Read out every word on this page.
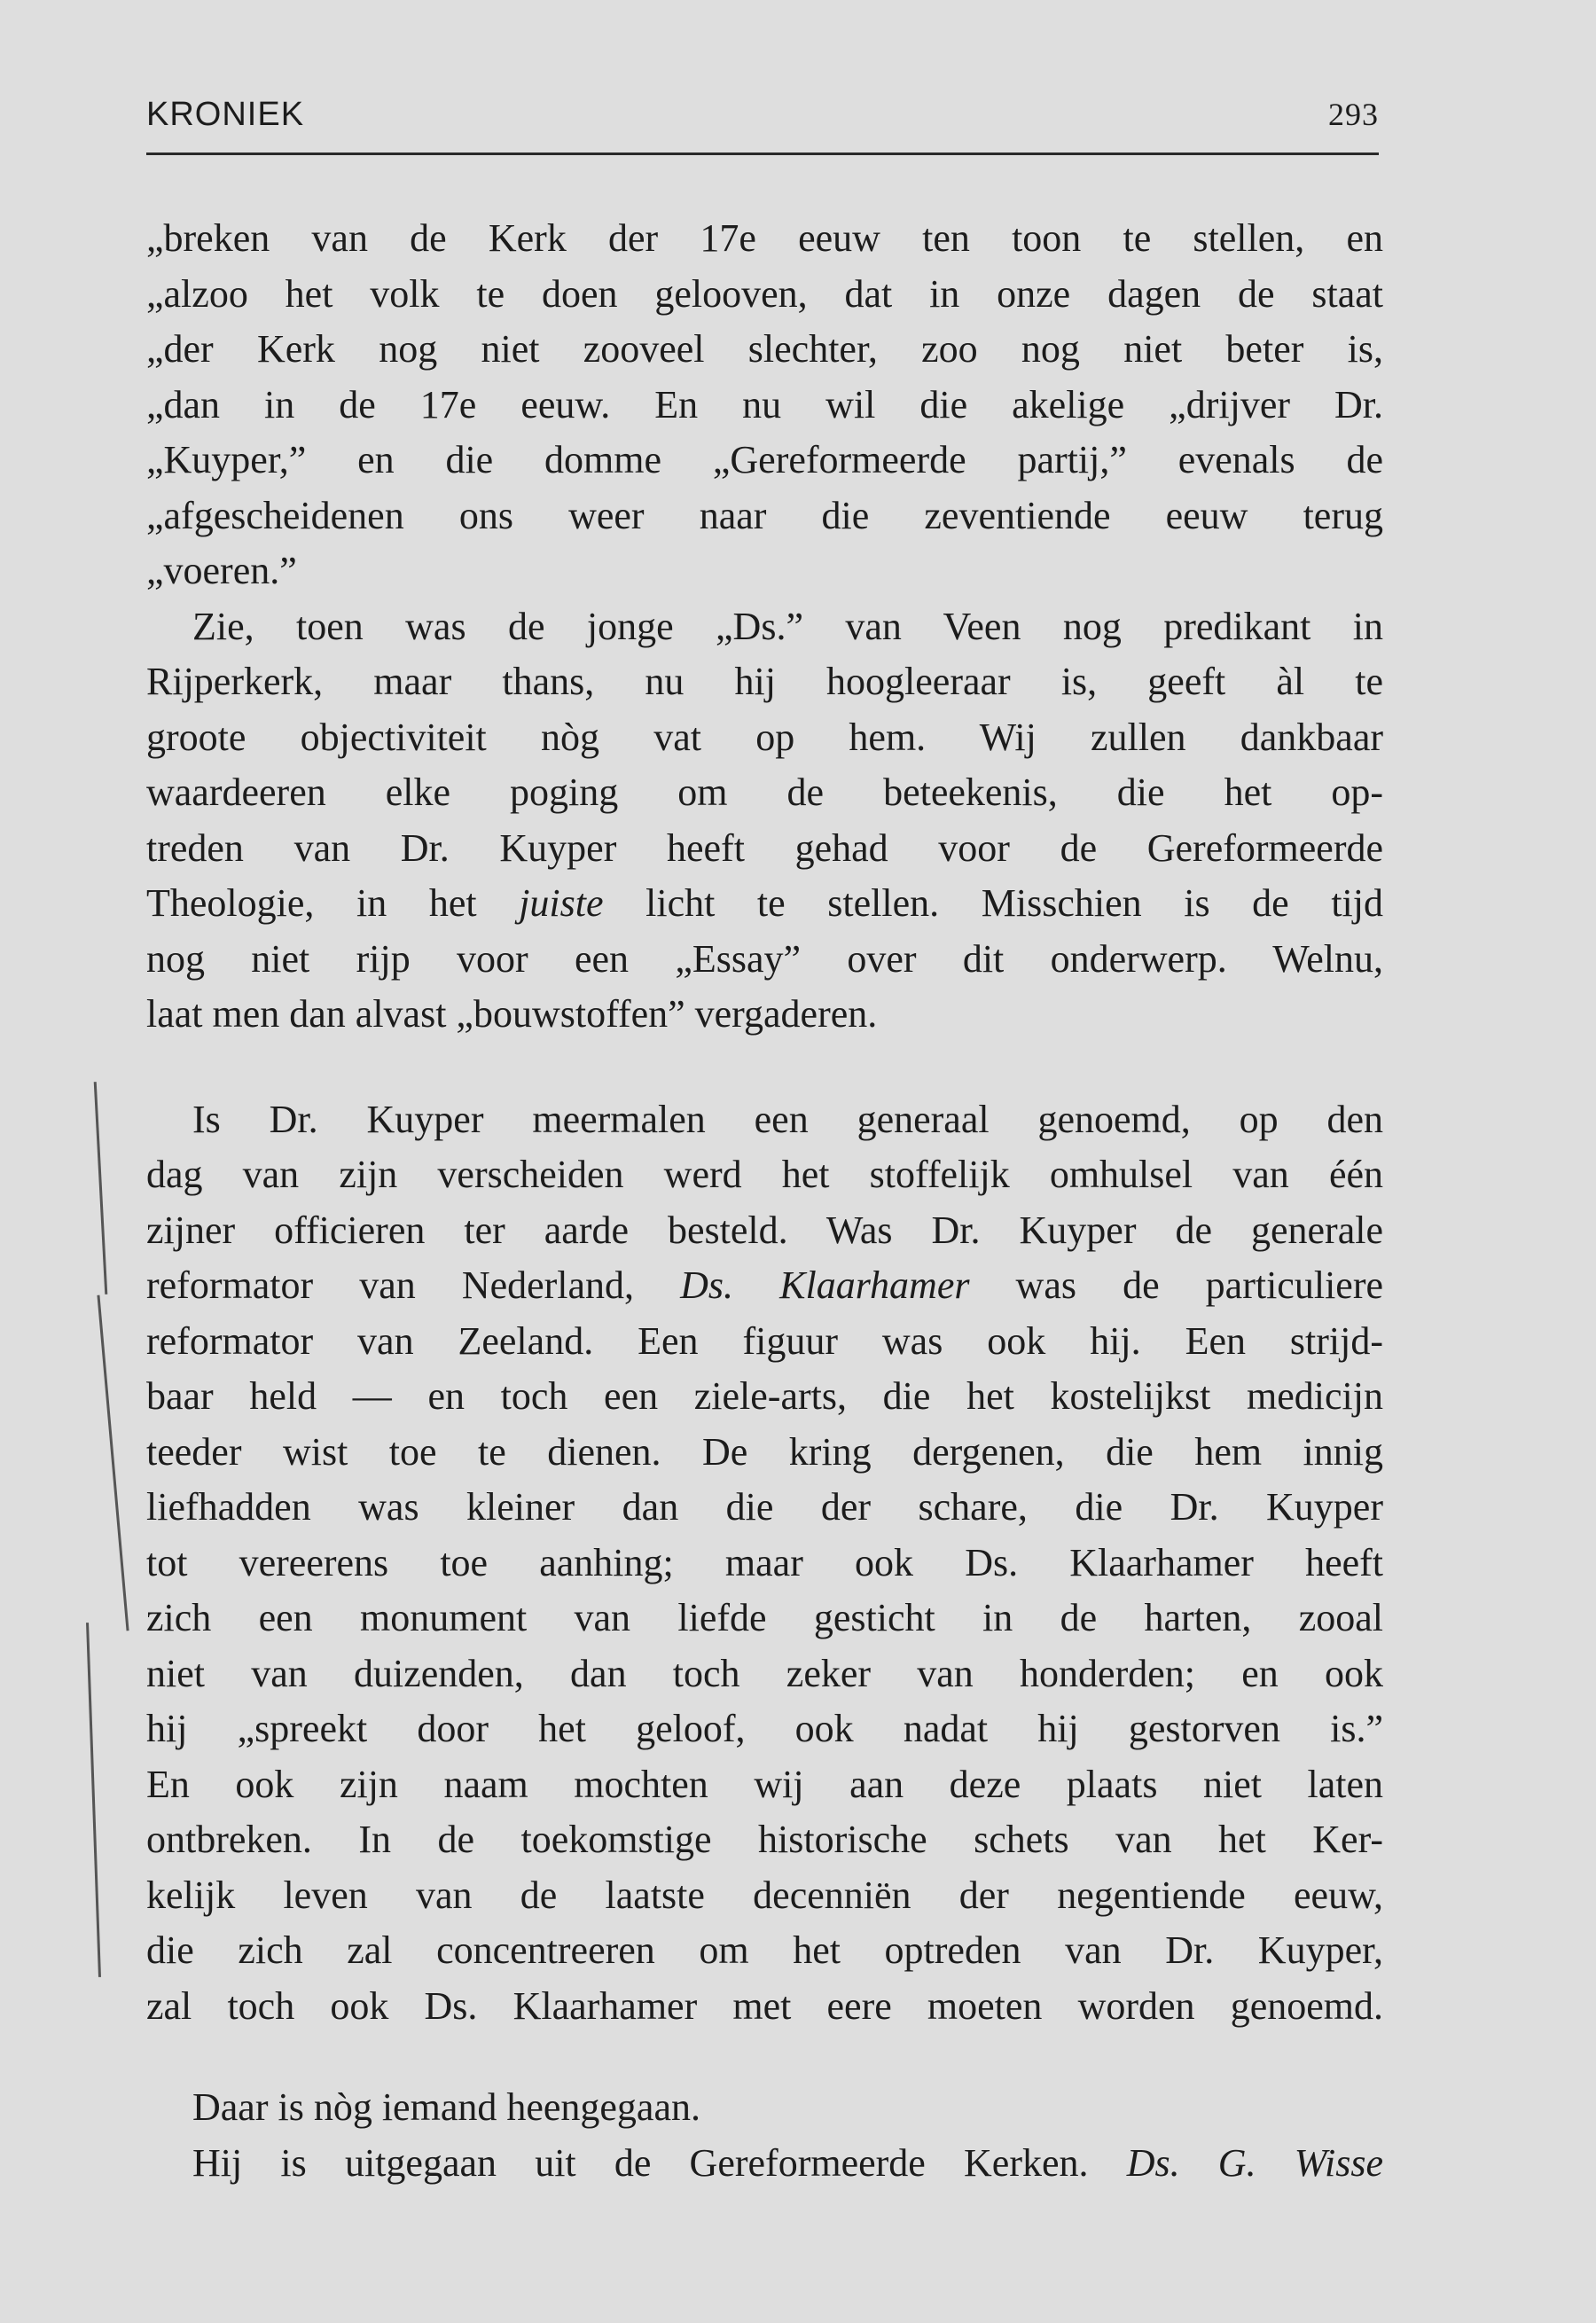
KRONIEK	293
„breken van de Kerk der 17e eeuw ten toon te stellen, en
„alzoo het volk te doen gelooven, dat in onze dagen de staat
„der Kerk nog niet zooveel slechter, zoo nog niet beter is,
„dan in de 17e eeuw. En nu wil die akelige „drijver Dr.
„Kuyper,” en die domme „Gereformeerde partij,” evenals de
„afgescheidenen ons weer naar die zeventiende eeuw terug
„voeren.”
Zie, toen was de jonge „Ds.” van Veen nog predikant in
Rijperkerk, maar thans, nu hij hoogleeraar is, geeft àl te
groote objectiviteit nòg vat op hem. Wij zullen dankbaar
waardeeren elke poging om de beteekenis, die het op-
treden van Dr. Kuyper heeft gehad voor de Gereformeerde
Theologie, in het juiste licht te stellen. Misschien is de tijd
nog niet rijp voor een „Essay” over dit onderwerp. Welnu,
laat men dan alvast „bouwstoffen” vergaderen.
Is Dr. Kuyper meermalen een generaal genoemd, op den
dag van zijn verscheiden werd het stoffelijk omhulsel van één
zijner officieren ter aarde besteld. Was Dr. Kuyper de generale
reformator van Nederland, Ds. Klaarhamer was de particuliere
reformator van Zeeland. Een figuur was ook hij. Een strijd-
baar held — en toch een ziele-arts, die het kostelijkst medicijn
teeder wist toe te dienen. De kring dergenen, die hem innig
liefhadden was kleiner dan die der schare, die Dr. Kuyper
tot vereerens toe aanhing; maar ook Ds. Klaarhamer heeft
zich een monument van liefde gesticht in de harten, zooal
niet van duizenden, dan toch zeker van honderden; en ook
hij „spreekt door het geloof, ook nadat hij gestorven is.”
En ook zijn naam mochten wij aan deze plaats niet laten
ontbreken. In de toekomstige historische schets van het Ker-
kelijk leven van de laatste decenniën der negentiende eeuw,
die zich zal concentreeren om het optreden van Dr. Kuyper,
zal toch ook Ds. Klaarhamer met eere moeten worden genoemd.
Daar is nòg iemand heengegaan.
Hij is uitgegaan uit de Gereformeerde Kerken. Ds. G. Wisse
